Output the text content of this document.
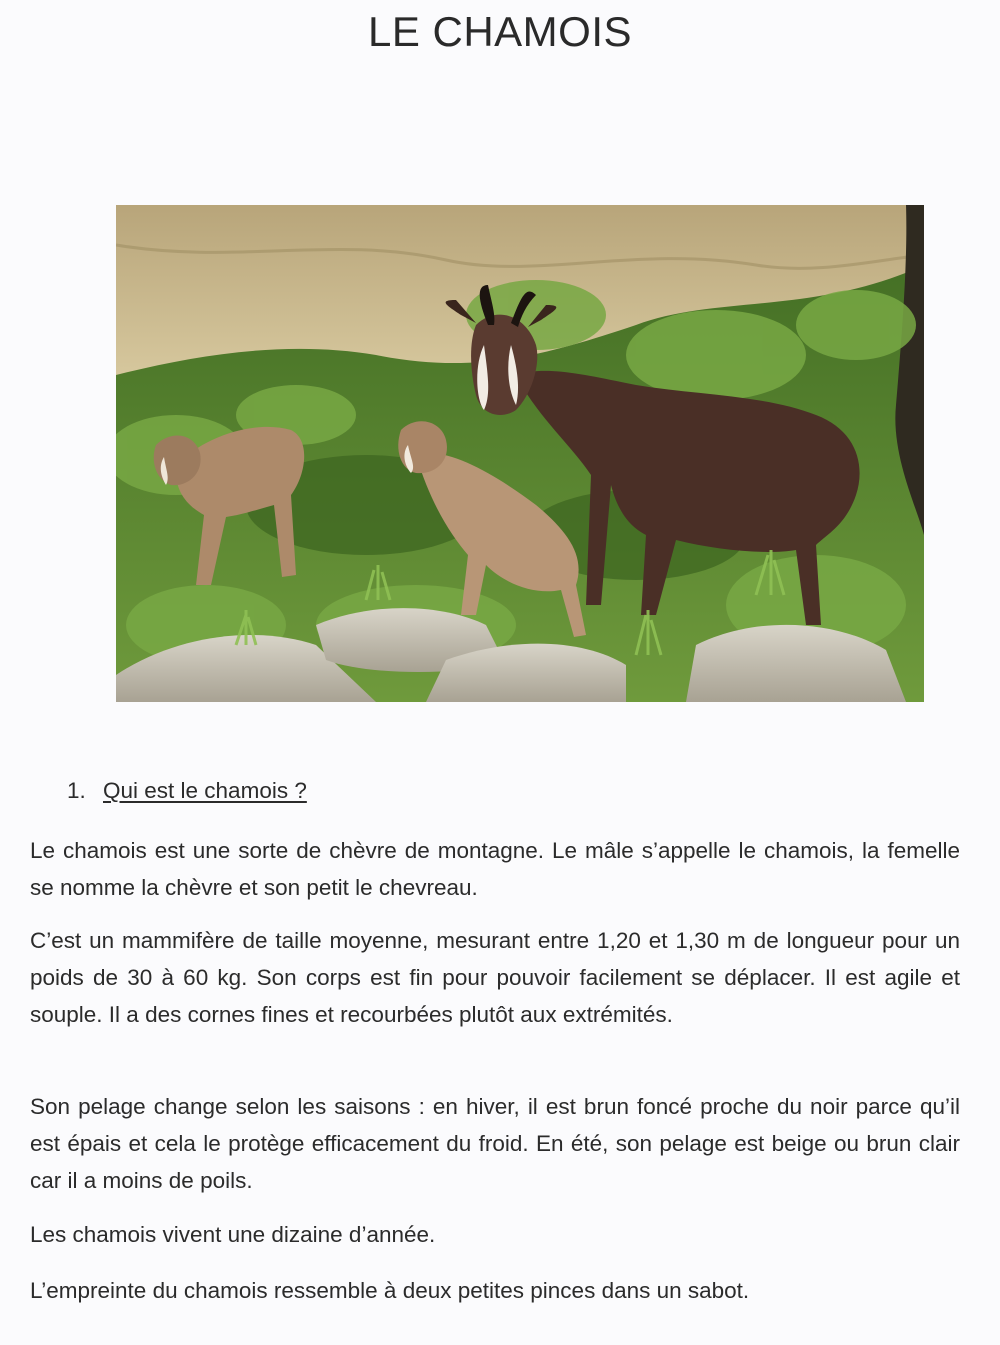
LE CHAMOIS
1. Qui est le chamois ?

Le chamois est une sorte de chèvre de montagne. Le mâle s’appelle le chamois, la femelle se nomme la chèvre et son petit le chevreau.

C’est un mammifère de taille moyenne, mesurant entre 1,20 et 1,30 m de longueur pour un poids de 30 à 60 kg. Son corps est fin pour pouvoir facilement se déplacer. Il est agile et souple. Il a des cornes fines et recourbées plutôt aux extrémités.

Son pelage change selon les saisons : en hiver, il est brun foncé proche du noir parce qu’il est épais et cela le protège efficacement du froid. En été, son pelage est beige ou brun clair car il a moins de poils.

Les chamois vivent une dizaine d’année.

L’empreinte du chamois ressemble à deux petites pinces dans un sabot.
